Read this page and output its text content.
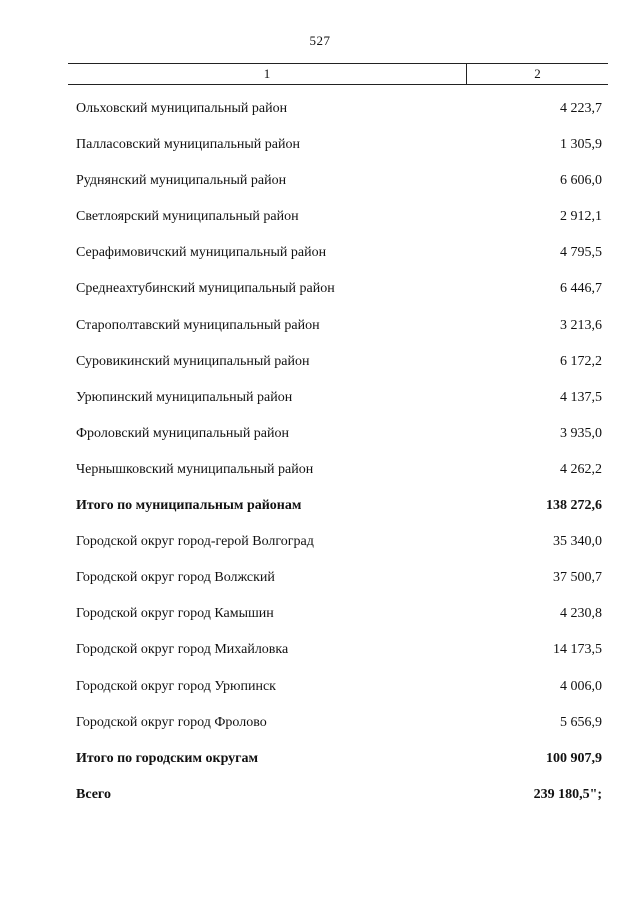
527
1	2
Ольховский муниципальный район	4 223,7
Палласовский муниципальный район	1 305,9
Руднянский муниципальный район	6 606,0
Светлоярский муниципальный район	2 912,1
Серафимовичский муниципальный район	4 795,5
Среднеахтубинский муниципальный район	6 446,7
Старополтавский муниципальный район	3 213,6
Суровикинский муниципальный район	6 172,2
Урюпинский муниципальный район	4 137,5
Фроловский муниципальный район	3 935,0
Чернышковский муниципальный район	4 262,2
Итого по муниципальным районам	138 272,6
Городской округ город-герой Волгоград	35 340,0
Городской округ город Волжский	37 500,7
Городской округ город Камышин	4 230,8
Городской округ город Михайловка	14 173,5
Городской округ город Урюпинск	4 006,0
Городской округ город Фролово	5 656,9
Итого по городским округам	100 907,9
Всего	239 180,5";
